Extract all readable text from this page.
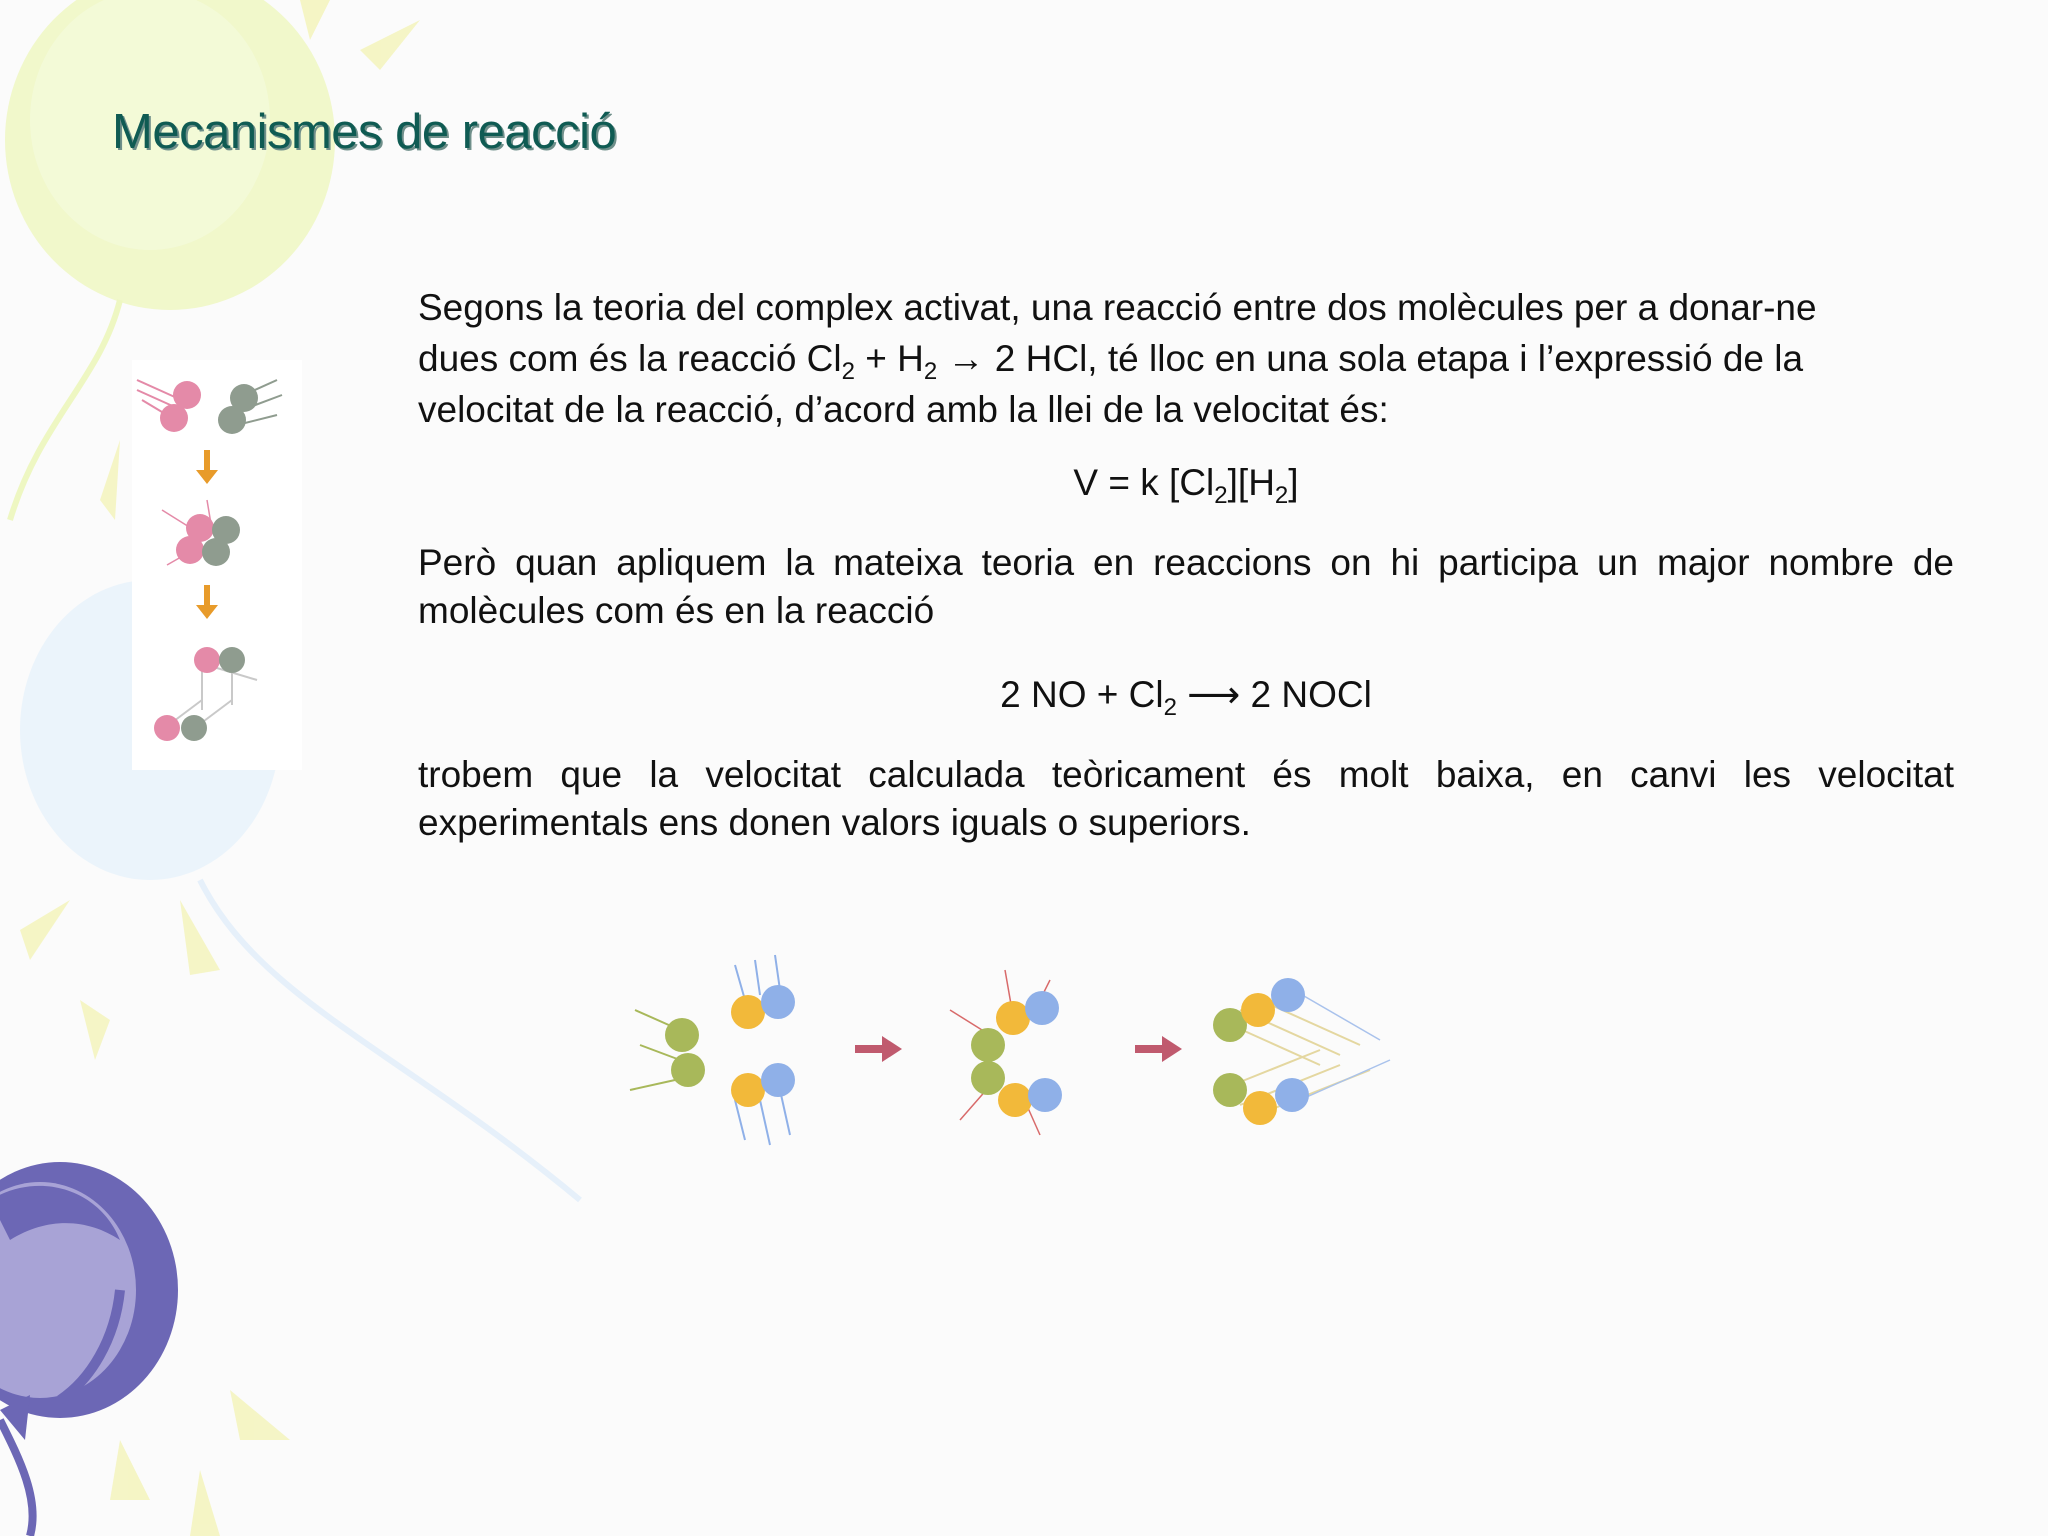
Mecanismes de reacció

Segons la teoria del complex activat, una reacció entre dos molècules per a donar-ne
dues com és la reacció $Cl_2 + H_2 \to 2$ HCl, té lloc en una sola etapa i l’expressió de la
velocitat de la reacció, d’acord amb la llei de la velocitat és:

V = k $[Cl_2][H_2]$

Però quan apliquem la mateixa teoria en reaccions on hi participa un major nombre de molècules com és en la reacció

2 NO + $Cl_2$ ⟶ 2 NOCl

trobem que la velocitat calculada teòricament és molt baixa, en canvi les velocitat experimentals ens donen valors iguals o superiors.
